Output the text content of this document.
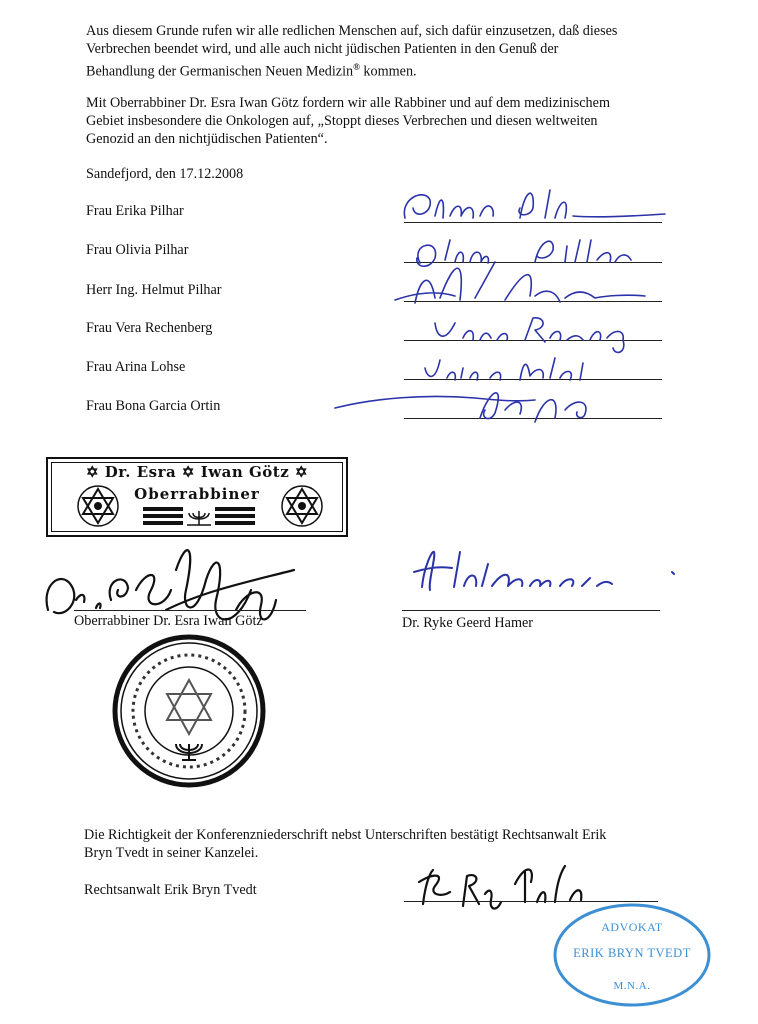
Aus diesem Grunde rufen wir alle redlichen Menschen auf, sich dafür einzusetzen, daß dieses
Verbrechen beendet wird, und alle auch nicht jüdischen Patienten in den Genuß der
Behandlung der Germanischen Neuen Medizin® kommen.
Mit Oberrabbiner Dr. Esra Iwan Götz fordern wir alle Rabbiner und auf dem medizinischem
Gebiet insbesondere die Onkologen auf, „Stoppt dieses Verbrechen und diesen weltweiten
Genozid an den nichtjüdischen Patienten“.
Sandefjord, den 17.12.2008
Frau Erika Pilhar
Frau Olivia Pilhar
Herr Ing. Helmut Pilhar
Frau Vera Rechenberg
Frau Arina Lohse
Frau Bona Garcia Ortin
✡ Dr. Esra ✡ Iwan Götz ✡
Oberrabbiner
Oberrabbiner Dr. Esra Iwan Götz	Dr. Ryke Geerd Hamer
Die Richtigkeit der Konferenzniederschrift nebst Unterschriften bestätigt Rechtsanwalt Erik
Bryn Tvedt in seiner Kanzelei.
Rechtsanwalt Erik Bryn Tvedt
ADVOKAT
ERIK BRYN TVEDT
M.N.A.
